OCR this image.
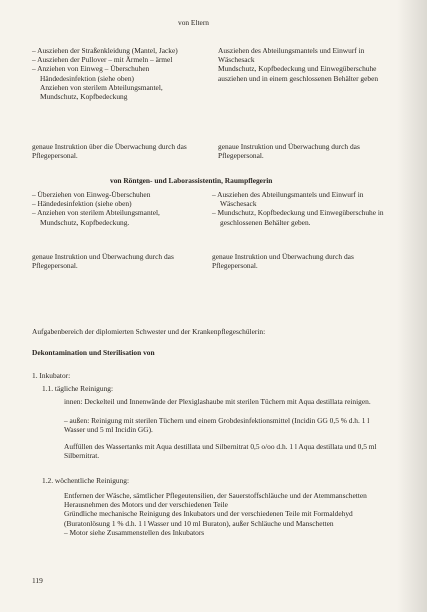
von Eltern
– Ausziehen der Straßenkleidung (Mantel, Jacke)
– Ausziehen der Pullover – mit Ärmeln – ärmel
– Anziehen von Einweg – Überschuhen Händedesinfektion (siehe oben)
Anziehen von sterilem Abteilungsmantel, Mundschutz, Kopfbedeckung
Ausziehen des Abteilungsmantels und Einwurf in Wäschesack
Mundschutz, Kopfbedeckung und Einwegüberschuhe ausziehen und in einem geschlossenen Behälter geben
genaue Instruktion über die Überwachung durch das Pflegepersonal.
genaue Instruktion und Überwachung durch das Pflegepersonal.
von Röntgen- und Laborassistentin, Raumpflegerin
– Überziehen von Einweg-Überschuhen
– Händedesinfektion (siehe oben)
– Anziehen von sterilem Abteilungsmantel, Mundschutz, Kopfbedeckung.
– Ausziehen des Abteilungsmantels und Einwurf in Wäschesack
– Mundschutz, Kopfbedeckung und Einwegüberschuhe in geschlossenen Behälter geben.
genaue Instruktion und Überwachung durch das Pflegepersonal.
genaue Instruktion und Überwachung durch das Pflegepersonal.
Aufgabenbereich der diplomierten Schwester und der Krankenpflegeschülerin:
Dekontamination und Sterilisation von
1. Inkubator:
1.1. tägliche Reinigung:
innen: Deckelteil und Innenwände der Plexiglashaube mit sterilen Tüchern mit Aqua destillata reinigen.
– außen: Reinigung mit sterilen Tüchern und einem Grobdesinfektionsmittel (Incidin GG 0,5 % d.h. 1 l Wasser und 5 ml Incidin GG).
Auffüllen des Wassertanks mit Aqua destillata und Silbernitrat 0,5 o/oo d.h. 1 l Aqua destillata und 0,5 ml Silbernitrat.
1.2. wöchentliche Reinigung:
Entfernen der Wäsche, sämtlicher Pflegeutensilien, der Sauerstoffschläuche und der Atemmanschetten
Herausnehmen des Motors und der verschiedenen Teile
Gründliche mechanische Reinigung des Inkubators und der verschiedenen Teile mit Formaldehyd (Buratonlösung 1 % d.h. 1 l Wasser und 10 ml Buraton), außer Schläuche und Manschetten
– Motor siehe Zusammenstellen des Inkubators
119
